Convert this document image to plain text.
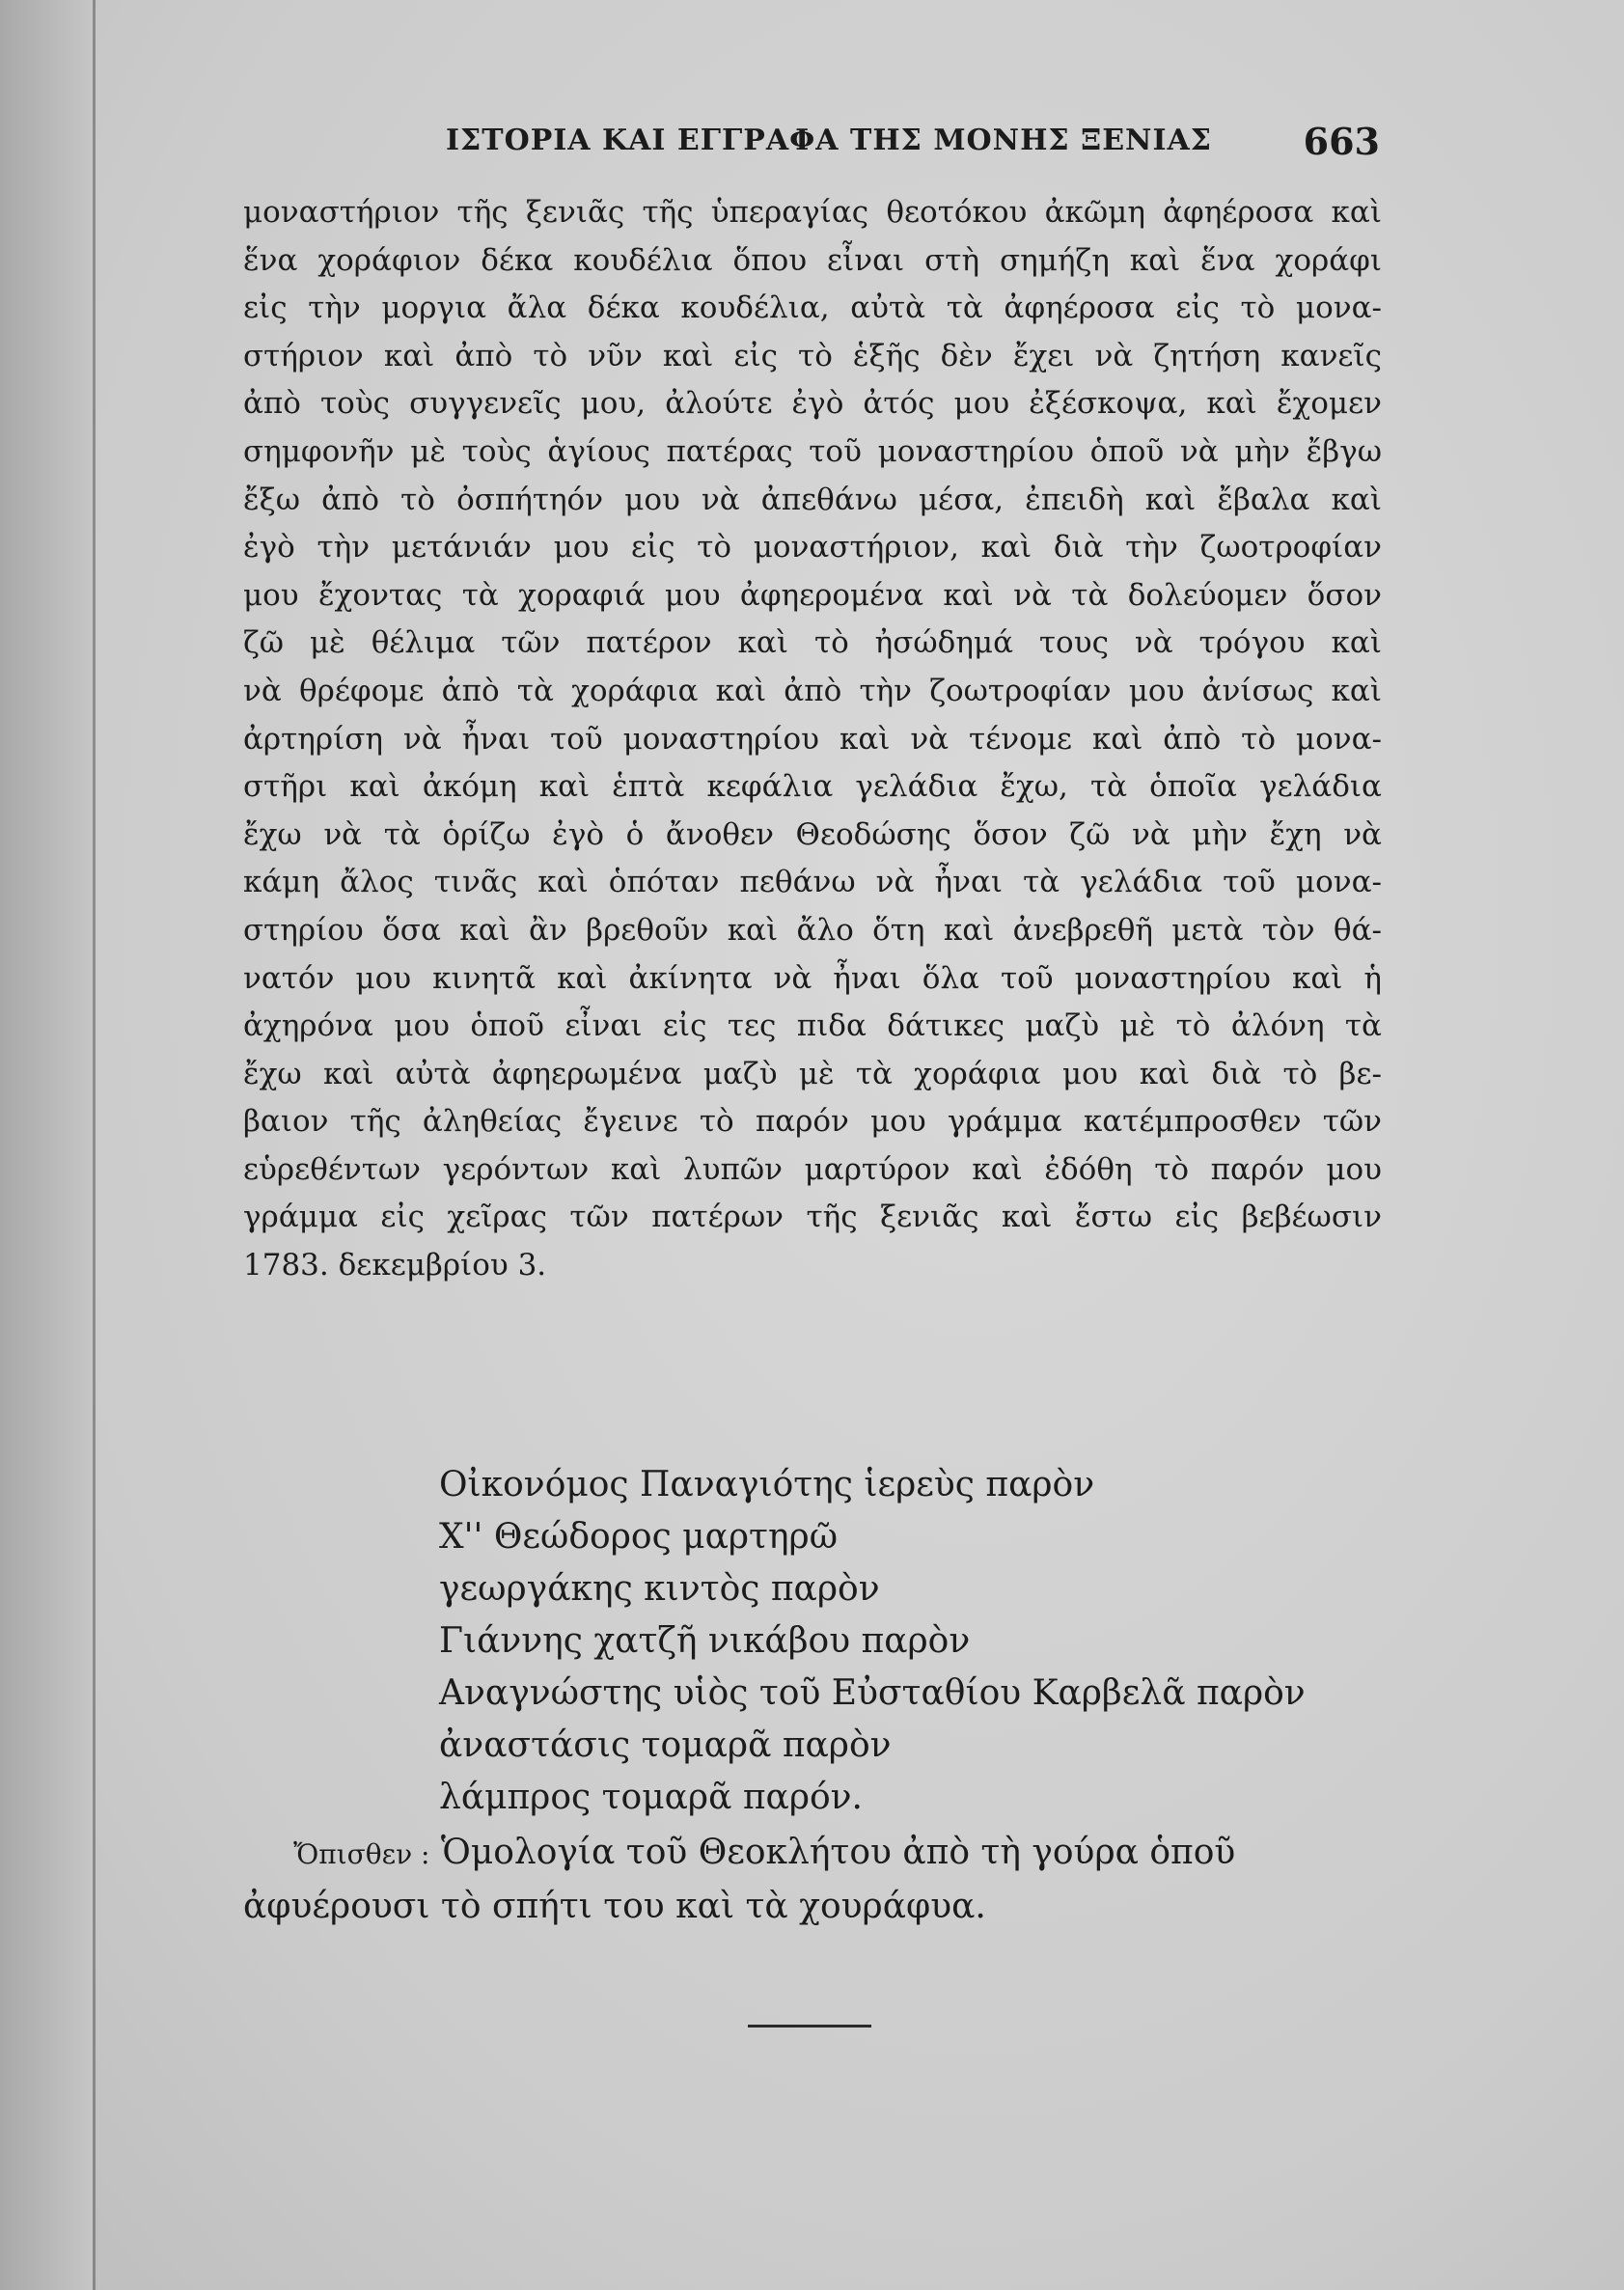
ΙΣΤΟΡΙΑ ΚΑΙ ΕΓΓΡΑΦΑ ΤΗΣ ΜΟΝΗΣ ΞΕΝΙΑΣ 663
μοναστήριον τῆς ξενιᾶς τῆς ὑπεραγίας θεοτόκου ἀκῶμη ἀφηέροσα καὶ
ἕνα χοράφιον δέκα κουδέλια ὅπου εἶναι στὴ σημήζη καὶ ἕνα χοράφι
εἰς τὴν μοργια ἄλα δέκα κουδέλια, αὐτὰ τὰ ἀφηέροσα εἰς τὸ μονα-
στήριον καὶ ἀπὸ τὸ νῦν καὶ εἰς τὸ ἑξῆς δὲν ἔχει νὰ ζητήση κανεῖς
ἀπὸ τοὺς συγγενεῖς μου, ἀλούτε ἐγὸ ἀτός μου ἐξέσκοψα, καὶ ἔχομεν
σημφονῆν μὲ τοὺς ἁγίους πατέρας τοῦ μοναστηρίου ὁποῦ νὰ μὴν ἔβγω
ἔξω ἀπὸ τὸ ὀσπήτηόν μου νὰ ἀπεθάνω μέσα, ἐπειδὴ καὶ ἔβαλα καὶ
ἐγὸ τὴν μετάνιάν μου εἰς τὸ μοναστήριον, καὶ διὰ τὴν ζωοτροφίαν
μου ἔχοντας τὰ χοραφιά μου ἀφηερομένα καὶ νὰ τὰ δολεύομεν ὅσον
ζῶ μὲ θέλιμα τῶν πατέρον καὶ τὸ ἠσώδημά τους νὰ τρόγου καὶ
νὰ θρέφομε ἀπὸ τὰ χοράφια καὶ ἀπὸ τὴν ζοωτροφίαν μου ἀνίσως καὶ
ἀρτηρίση νὰ ἦναι τοῦ μοναστηρίου καὶ νὰ τένομε καὶ ἀπὸ τὸ μονα-
στῆρι καὶ ἀκόμη καὶ ἑπτὰ κεφάλια γελάδια ἔχω, τὰ ὁποῖα γελάδια
ἔχω νὰ τὰ ὁρίζω ἐγὸ ὁ ἄνοθεν Θεοδώσης ὅσον ζῶ νὰ μὴν ἔχη νὰ
κάμη ἄλος τινᾶς καὶ ὁπόταν πεθάνω νὰ ἦναι τὰ γελάδια τοῦ μονα-
στηρίου ὅσα καὶ ἂν βρεθοῦν καὶ ἄλο ὅτη καὶ ἀνεβρεθῆ μετὰ τὸν θά-
νατόν μου κινητᾶ καὶ ἀκίνητα νὰ ἦναι ὅλα τοῦ μοναστηρίου καὶ ἡ
ἀχηρόνα μου ὁποῦ εἶναι εἰς τες πιδα δάτικες μαζὺ μὲ τὸ ἀλόνη τὰ
ἔχω καὶ αὐτὰ ἀφηερωμένα μαζὺ μὲ τὰ χοράφια μου καὶ διὰ τὸ βε-
βαιον τῆς ἀληθείας ἔγεινε τὸ παρόν μου γράμμα κατέμπροσθεν τῶν
εὑρεθέντων γερόντων καὶ λυπῶν μαρτύρον καὶ ἐδόθη τὸ παρόν μου
γράμμα εἰς χεῖρας τῶν πατέρων τῆς ξενιᾶς καὶ ἔστω εἰς βεβέωσιν
1783. δεκεμβρίου 3.
Οἰκονόμος Παναγιότης ἱερεὺς παρὸν
Χ'' Θεώδορος μαρτηρῶ
γεωργάκης κιντὸς παρὸν
Γιάννης χατζῆ νικάβου παρὸν
Αναγνώστης υἱὸς τοῦ Εὐσταθίου Καρβελᾶ παρὸν
ἀναστάσις τομαρᾶ παρὸν
λάμπρος τομαρᾶ παρόν.
Ὄπισθεν : Ὁμολογία τοῦ Θεοκλήτου ἀπὸ τὴ γούρα ὁποῦ
ἀφυέρουσι τὸ σπήτι του καὶ τὰ χουράφυα.
